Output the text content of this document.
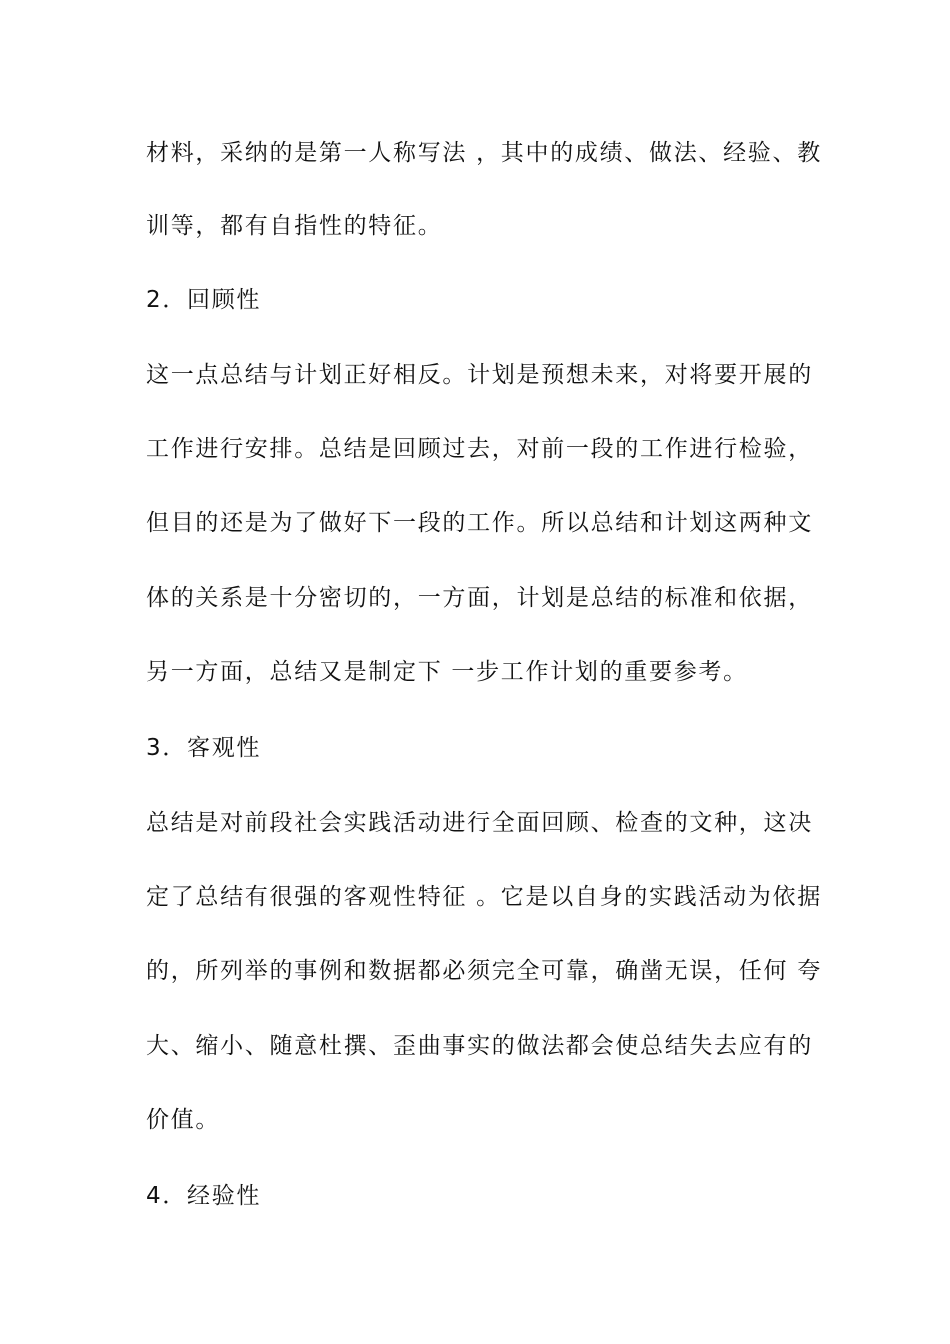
材料，采纳的是第一人称写法 ，其中的成绩、做法、经验、教
训等，都有自指性的特征。
2．回顾性
这一点总结与计划正好相反。计划是预想未来，对将要开展的
工作进行安排。总结是回顾过去，对前一段的工作进行检验，
但目的还是为了做好下一段的工作。所以总结和计划这两种文
体的关系是十分密切的，一方面，计划是总结的标准和依据，
另一方面，总结又是制定下 一步工作计划的重要参考。
3．客观性
总结是对前段社会实践活动进行全面回顾、检查的文种，这决
定了总结有很强的客观性特征 。它是以自身的实践活动为依据
的，所列举的事例和数据都必须完全可靠，确凿无误，任何 夸
大、缩小、随意杜撰、歪曲事实的做法都会使总结失去应有的
价值。
4．经验性
